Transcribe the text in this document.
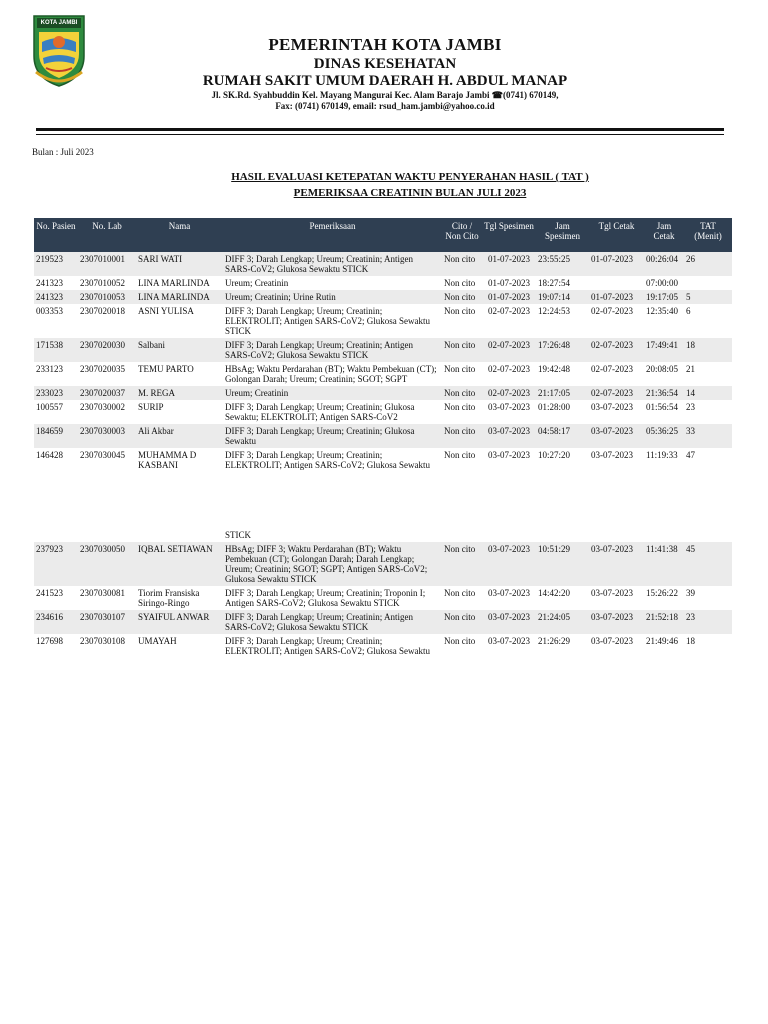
KOTA JAMBI
PEMERINTAH KOTA JAMBI
DINAS KESEHATAN
RUMAH SAKIT UMUM DAERAH H. ABDUL MANAP
Jl. SK.Rd. Syahbuddin Kel. Mayang Mangurai Kec. Alam Barajo Jambi ☎(0741) 670149,
Fax: (0741) 670149, email: rsud_ham.jambi@yahoo.co.id
Bulan : Juli 2023
HASIL EVALUASI KETEPATAN WAKTU PENYERAHAN HASIL ( TAT )
PEMERIKSAA CREATININ BULAN JULI 2023
No. Pasien	No. Lab	Nama	Pemeriksaan	Cito / Non Cito	Tgl Spesimen	Jam Spesimen	Tgl Cetak	Jam Cetak	TAT (Menit)
219523	2307010001	SARI WATI	DIFF 3; Darah Lengkap; Ureum; Creatinin; Antigen SARS-CoV2; Glukosa Sewaktu STICK	Non cito	01-07-2023	23:55:25	01-07-2023	00:26:04	26
241323	2307010052	LINA MARLINDA	Ureum; Creatinin	Non cito	01-07-2023	18:27:54		07:00:00	
241323	2307010053	LINA MARLINDA	Ureum; Creatinin; Urine Rutin	Non cito	01-07-2023	19:07:14	01-07-2023	19:17:05	5
003353	2307020018	ASNI YULISA	DIFF 3; Darah Lengkap; Ureum; Creatinin; ELEKTROLIT; Antigen SARS-CoV2; Glukosa Sewaktu STICK	Non cito	02-07-2023	12:24:53	02-07-2023	12:35:40	6
171538	2307020030	Salbani	DIFF 3; Darah Lengkap; Ureum; Creatinin; Antigen SARS-CoV2; Glukosa Sewaktu STICK	Non cito	02-07-2023	17:26:48	02-07-2023	17:49:41	18
233123	2307020035	TEMU PARTO	HBsAg; Waktu Perdarahan (BT); Waktu Pembekuan (CT); Golongan Darah; Ureum; Creatinin; SGOT; SGPT	Non cito	02-07-2023	19:42:48	02-07-2023	20:08:05	21
233023	2307020037	M. REGA	Ureum; Creatinin	Non cito	02-07-2023	21:17:05	02-07-2023	21:36:54	14
100557	2307030002	SURIP	DIFF 3; Darah Lengkap; Ureum; Creatinin; Glukosa Sewaktu; ELEKTROLIT; Antigen SARS-CoV2	Non cito	03-07-2023	01:28:00	03-07-2023	01:56:54	23
184659	2307030003	Ali Akbar	DIFF 3; Darah Lengkap; Ureum; Creatinin; Glukosa Sewaktu	Non cito	03-07-2023	04:58:17	03-07-2023	05:36:25	33
146428	2307030045	MUHAMMA D KASBANI	DIFF 3; Darah Lengkap; Ureum; Creatinin; ELEKTROLIT; Antigen SARS-CoV2; Glukosa Sewaktu	Non cito	03-07-2023	10:27:20	03-07-2023	11:19:33	47
			STICK						
237923	2307030050	IQBAL SETIAWAN	HBsAg; DIFF 3; Waktu Perdarahan (BT); Waktu Pembekuan (CT); Golongan Darah; Darah Lengkap; Ureum; Creatinin; SGOT; SGPT; Antigen SARS-CoV2; Glukosa Sewaktu STICK	Non cito	03-07-2023	10:51:29	03-07-2023	11:41:38	45
241523	2307030081	Tiorim Fransiska Siringo-Ringo	DIFF 3; Darah Lengkap; Ureum; Creatinin; Troponin I; Antigen SARS-CoV2; Glukosa Sewaktu STICK	Non cito	03-07-2023	14:42:20	03-07-2023	15:26:22	39
234616	2307030107	SYAIFUL ANWAR	DIFF 3; Darah Lengkap; Ureum; Creatinin; Antigen SARS-CoV2; Glukosa Sewaktu STICK	Non cito	03-07-2023	21:24:05	03-07-2023	21:52:18	23
127698	2307030108	UMAYAH	DIFF 3; Darah Lengkap; Ureum; Creatinin; ELEKTROLIT; Antigen SARS-CoV2; Glukosa Sewaktu	Non cito	03-07-2023	21:26:29	03-07-2023	21:49:46	18
